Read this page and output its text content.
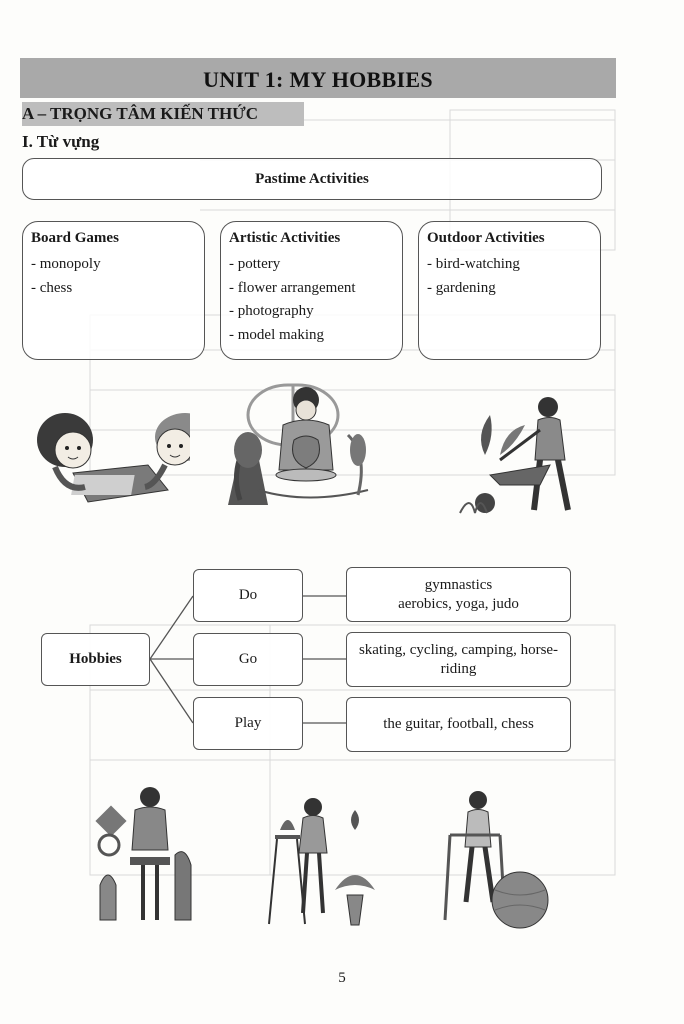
UNIT 1: MY HOBBIES
A – TRỌNG TÂM KIẾN THỨC
I. Từ vựng
Pastime Activities
Board Games
- monopoly
- chess
Artistic Activities
- pottery
- flower arrangement
- photography
- model making
Outdoor Activities
- bird-watching
- gardening
Hobbies
Do
Go
Play
gymnastics
aerobics, yoga, judo
skating, cycling, camping, horse-
riding
the guitar, football, chess
5
